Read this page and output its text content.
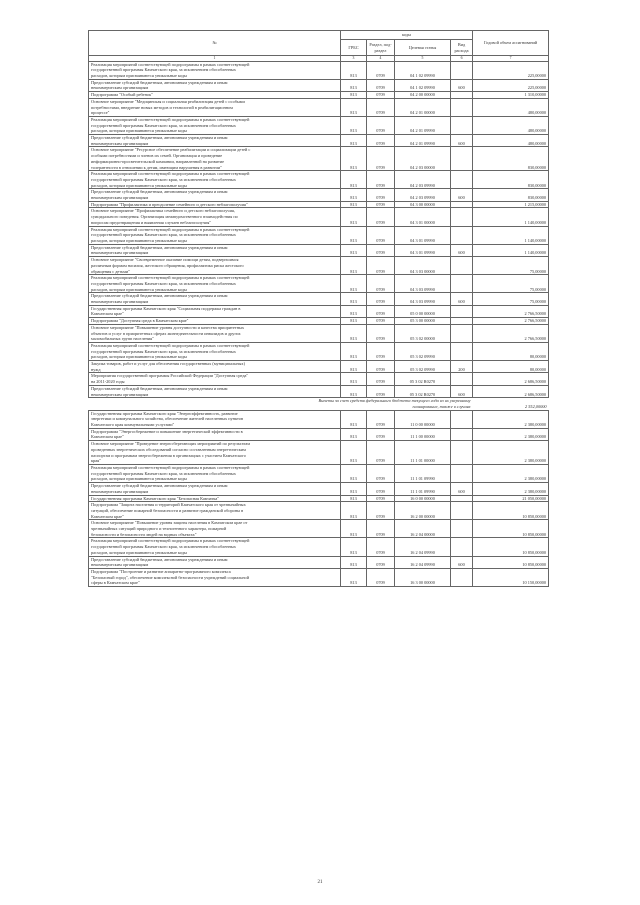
№	коды				Годовой объем ассигнований
	ГРБС	Раздел, под-раздел	Целевая статья	Вид расхода	
1	3	4	5	6	7

Реализация мероприятий соответствующей подпрограммы в рамках соответствующей
государственной программы Камчатского края, за исключением обособленных
расходов, которым присваиваются уникальные коды	813	0709	04 1 02 09990		225,00000

Предоставление субсидий бюджетным, автономным учреждениям и иным
некоммерческим организациям	813	0709	04 1 02 09990	600	225,00000

Подпрограмма "Особый ребенок"	813	0709	04 2 00 00000		1 310,00000

Основное мероприятие "Медицинская и социальная реабилитация детей с особыми
потребностями, внедрение новых методов и технологий в реабилитационном
процессе"	813	0709	04 2 01 00000		480,00000

Реализация мероприятий соответствующей подпрограммы в рамках соответствующей
государственной программы Камчатского края, за исключением обособленных
расходов, которым присваиваются уникальные коды	813	0709	04 2 01 09990		480,00000

Предоставление субсидий бюджетным, автономным учреждениям и иным
некоммерческим организациям	813	0709	04 2 01 09990	600	480,00000

Основное мероприятие "Ресурсное обеспечение реабилитации и социализации детей с
особыми потребностями и членов их семей. Организация и проведение
информационно-просветительской кампании, направленной на развитие
толерантности в отношении к детям, имеющим нарушения в развитии"	813	0709	04 2 03 00000		830,00000

Реализация мероприятий соответствующей подпрограммы в рамках соответствующей
государственной программы Камчатского края, за исключением обособленных
расходов, которым присваиваются уникальные коды	813	0709	04 2 03 09990		830,00000

Предоставление субсидий бюджетным, автономным учреждениям и иным
некоммерческим организациям	813	0709	04 2 03 09990	600	830,00000

Подпрограмма "Профилактика и преодоление семейного и детского неблагополучия"	813	0709	04 3 00 00000		1 215,00000

Основное мероприятие "Профилактика семейного и детского неблагополучия,
суицидального поведения. Организация межведомственного взаимодействия по
вопросам предотвращения и выявления случаев неблагополучия"	813	0709	04 3 01 00000		1 140,00000

Реализация мероприятий соответствующей подпрограммы в рамках соответствующей
государственной программы Камчатского края, за исключением обособленных
расходов, которым присваиваются уникальные коды	813	0709	04 3 01 09990		1 140,00000

Предоставление субсидий бюджетным, автономным учреждениям и иным
некоммерческим организациям	813	0709	04 3 01 09990	600	1 140,00000

Основное мероприятие "Своевременное оказание помощи детям, подвергшимся
различным формам насилия, жестокого обращения, профилактика риска жестокого
обращения с детьми"	813	0709	04 3 03 00000		75,00000

Реализация мероприятий соответствующей подпрограммы в рамках соответствующей
государственной программы Камчатского края, за исключением обособленных
расходов, которым присваиваются уникальные коды	813	0709	04 3 03 09990		75,00000

Предоставление субсидий бюджетным, автономным учреждениям и иным
некоммерческим организациям	813	0709	04 3 03 09990	600	75,00000

Государственная программа Камчатского края "Социальная поддержка граждан в
Камчатском крае"	813	0709	05 0 00 00000		2 766,50000

Подпрограмма "Доступная среда в Камчатском крае"	813	0709	05 3 00 00000		2 766,50000

Основное мероприятие "Повышение уровня доступности и качества приоритетных
объектов и услуг в приоритетных сферах жизнедеятельности инвалидов и других
маломобильных групп населения"	813	0709	05 3 02 00000		2 766,50000

Реализация мероприятий соответствующей подпрограммы в рамках соответствующей
государственной программы Камчатского края, за исключением обособленных
расходов, которым присваиваются уникальные коды	813	0709	05 3 02 09990		80,00000

Закупка товаров, работ и услуг для обеспечения государственных (муниципальных)
нужд	813	0709	05 3 02 09990	200	80,00000

Мероприятия государственной программы Российской Федерации "Доступная среда"
на 2011-2020 годы	813	0709	05 3 02 R0270		2 686,50000

Предоставление субсидий бюджетным, автономным учреждениям и иным
некоммерческим организациям	813	0709	05 3 02 R0270	600	2 686,50000

Вычеты за счет средств федерального бюджета текущего года из их уверенному
планирование, также в случаях					2 552,00000

Государственная программа Камчатского края "Энергоэффективность, развитие
энергетики и коммунального хозяйства, обеспечение жителей населенных пунктов
Камчатского края коммунальными услугами"	813	0709	11 0 00 00000		2 380,00000

Подпрограмма "Энергосбережение и повышение энергетической эффективности в
Камчатском крае"	813	0709	11 1 00 00000		2 380,00000

Основное мероприятие "Проведение энергосберегающих мероприятий по результатам
проведенных энергетических обследований согласно составленным энергетическим
паспортам и программам энергосбережения в организациях с участием Камчатского
края"	813	0709	11 1 01 00000		2 380,00000

Реализация мероприятий соответствующей подпрограммы в рамках соответствующей
государственной программы Камчатского края, за исключением обособленных
расходов, которым присваиваются уникальные коды	813	0709	11 1 01 09990		2 380,00000

Предоставление субсидий бюджетным, автономным учреждениям и иным
некоммерческим организациям	813	0709	11 1 01 09990	600	2 380,00000

Государственная программа Камчатского края "Безопасная Камчатка"	813	0709	16 0 00 00000		21 050,00000

Подпрограмма "Защита населения и территорий Камчатского края от чрезвычайных
ситуаций, обеспечение пожарной безопасности и развитие гражданской обороны в
Камчатском крае"	813	0709	16 2 00 00000		10 850,00000

Основное мероприятие "Повышение уровня защиты населения в Камчатском крае от
чрезвычайных ситуаций природного и техногенного характера, пожарной
безопасности и безопасности людей на водных объектах"	813	0709	16 2 04 00000		10 850,00000

Реализация мероприятий соответствующей подпрограммы в рамках соответствующей
государственной программы Камчатского края, за исключением обособленных
расходов, которым присваиваются уникальные коды	813	0709	16 2 04 09990		10 850,00000

Предоставление субсидий бюджетным, автономным учреждениям и иным
некоммерческим организациям	813	0709	16 2 04 09990	600	10 850,00000

Подпрограмма "Построение и развитие аппаратно-программного комплекса
"Безопасный город", обеспечение комплексной безопасности учреждений социальной
сферы в Камчатском крае"	813	0709	16 3 00 00000		10 150,00000
21
